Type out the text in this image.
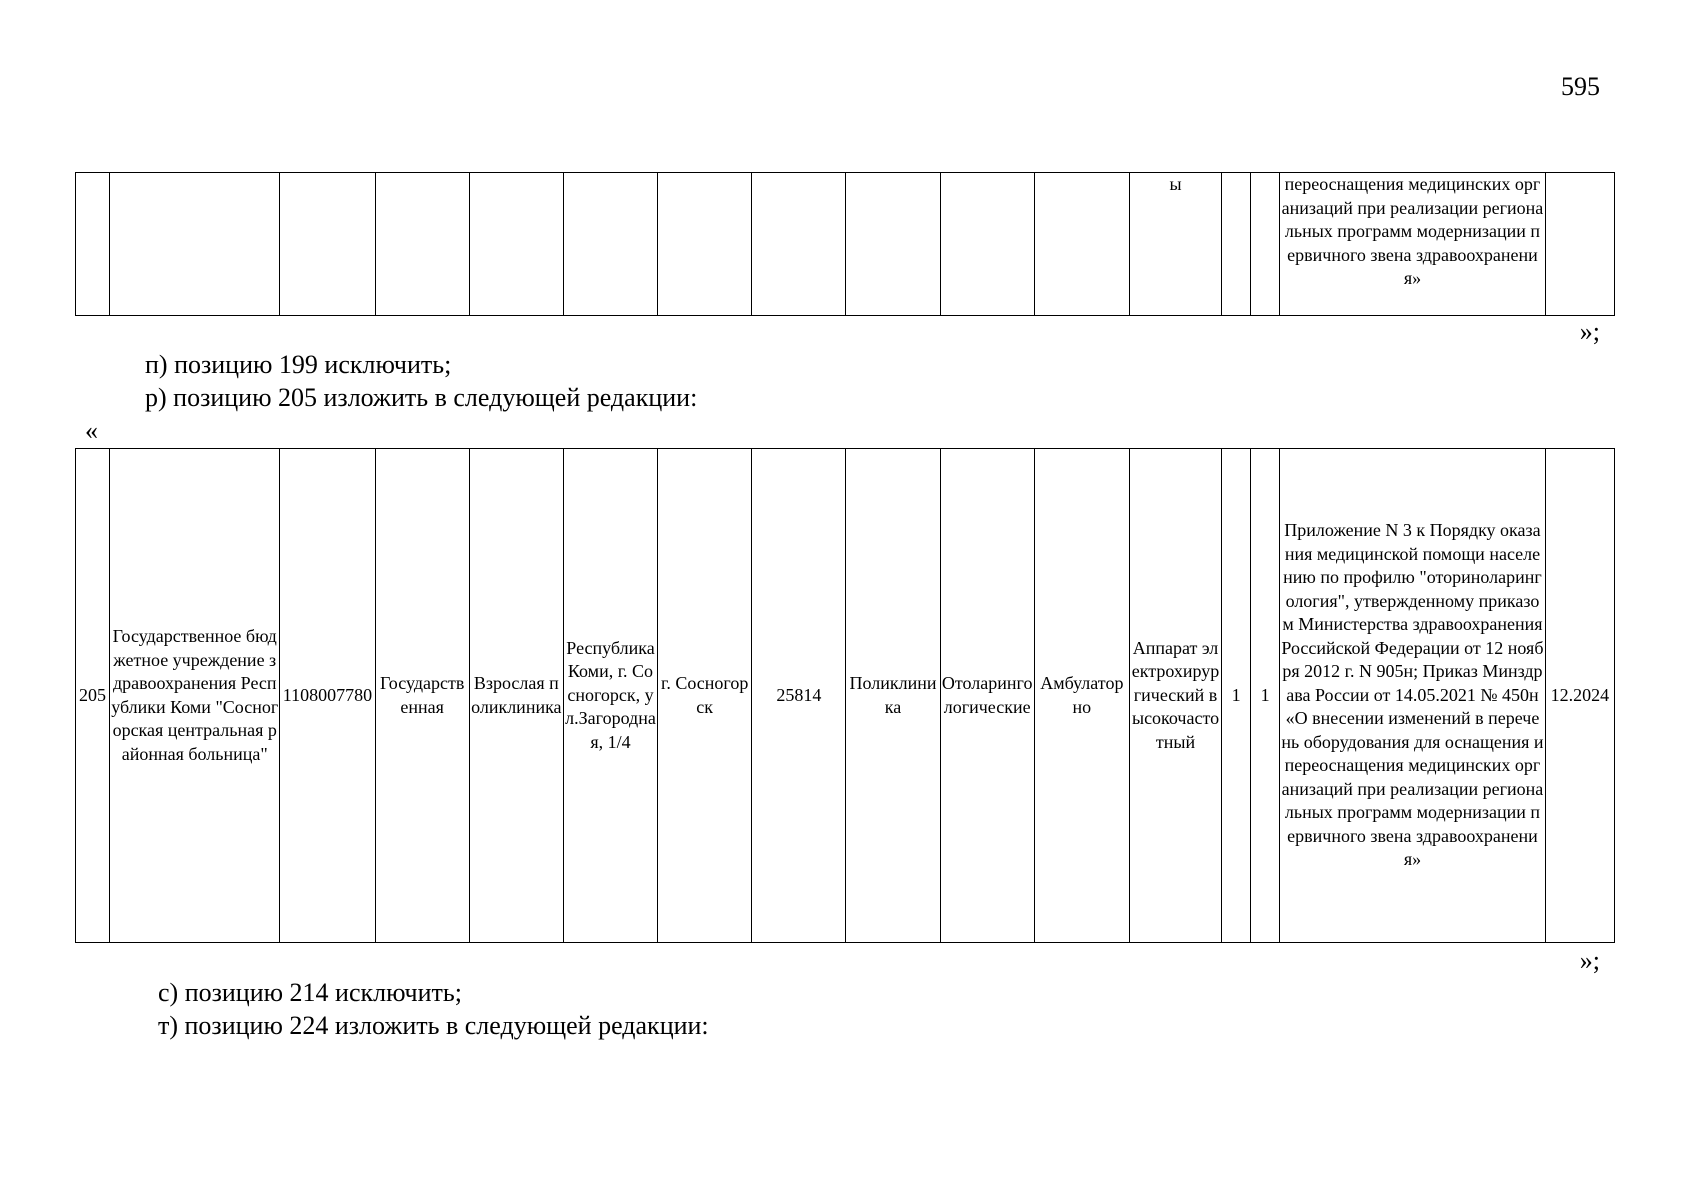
595
											ы			переоснащения медицинских организаций при реализации региональных программ модернизации первичного звена здравоохранения»	
»;
п) позицию 199 исключить;
р) позицию 205 изложить в следующей редакции:
«
205	Государственное бюджетное учреждение здравоохранения Республики Коми "Сосногорская центральная районная больница"	1108007780	Государственная	Взрослая поликлиника	Республика Коми, г. Сосногорск, ул.Загородная, 1/4	г. Сосногорск	25814	Поликлиника	Отоларингологические	Амбулаторно	Аппарат электрохирургический высокочастотный	1	1	Приложение N 3 к Порядку оказания медицинской помощи населению по профилю "оториноларингология", утвержденному приказом Министерства здравоохранения Российской Федерации от 12 ноября 2012 г. N 905н; Приказ Минздрава России от 14.05.2021 № 450н «О внесении изменений в перечень оборудования для оснащения и переоснащения медицинских организаций при реализации региональных программ модернизации первичного звена здравоохранения»	12.2024
»;
с) позицию 214 исключить;
т) позицию 224 изложить в следующей редакции:
